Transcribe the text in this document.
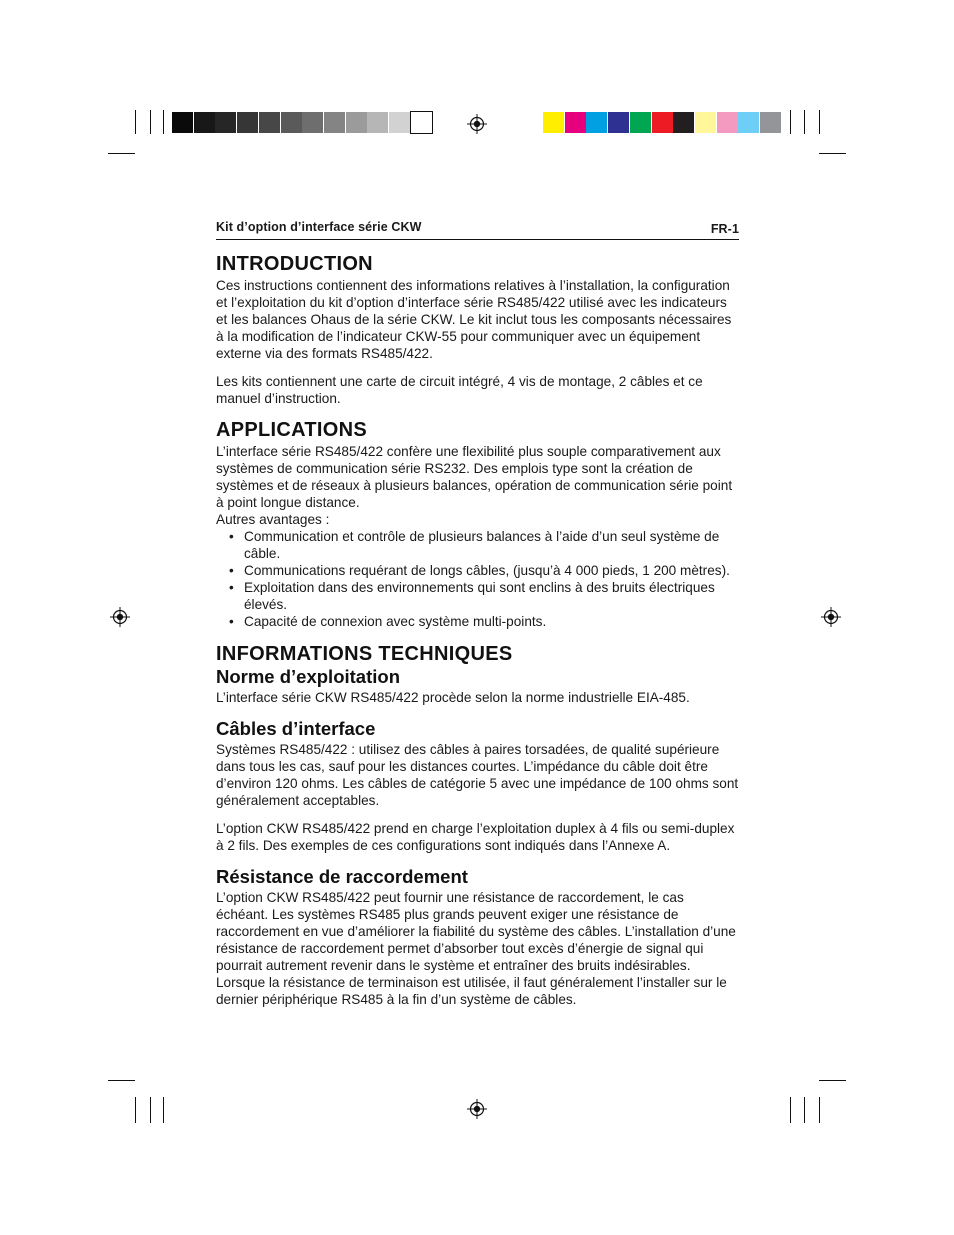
Kit d’option d’interface série CKW	FR-1
INTRODUCTION

Ces instructions contiennent des informations relatives à l’installation, la configuration et l’exploitation du kit d’option d’interface série RS485/422 utilisé avec les indicateurs et les balances Ohaus de la série CKW. Le kit inclut tous les composants nécessaires à la modification de l’indicateur CKW-55 pour communiquer avec un équipement externe via des formats RS485/422.

Les kits contiennent une carte de circuit intégré, 4 vis de montage, 2 câbles et ce manuel d’instruction.

APPLICATIONS

L’interface série RS485/422 confère une flexibilité plus souple comparativement aux systèmes de communication série RS232. Des emplois type sont la création de systèmes et de réseaux à plusieurs balances, opération de communication série point à point longue distance.

Autres avantages :

• Communication et contrôle de plusieurs balances à l’aide d’un seul système de câble.
• Communications requérant de longs câbles, (jusqu’à 4 000 pieds, 1 200 mètres).
• Exploitation dans des environnements qui sont enclins à des bruits électriques élevés.
• Capacité de connexion avec système multi-points.
INFORMATIONS TECHNIQUES
Norme d’exploitation

L’interface série CKW RS485/422 procède selon la norme industrielle EIA-485.

Câbles d’interface

Systèmes RS485/422 : utilisez des câbles à paires torsadées, de qualité supérieure dans tous les cas, sauf pour les distances courtes. L’impédance du câble doit être d’environ 120 ohms. Les câbles de catégorie 5 avec une impédance de 100 ohms sont généralement acceptables.

L’option CKW RS485/422 prend en charge l’exploitation duplex à 4 fils ou semi-duplex à 2 fils. Des exemples de ces configurations sont indiqués dans l’Annexe A.

Résistance de raccordement

L’option CKW RS485/422 peut fournir une résistance de raccordement, le cas échéant. Les systèmes RS485 plus grands peuvent exiger une résistance de raccordement en vue d’améliorer la fiabilité du système des câbles. L’installation d’une résistance de raccordement permet d’absorber tout excès d’énergie de signal qui pourrait autrement revenir dans le système et entraîner des bruits indésirables. Lorsque la résistance de terminaison est utilisée, il faut généralement l’installer sur le dernier périphérique RS485 à la fin d’un système de câbles.
